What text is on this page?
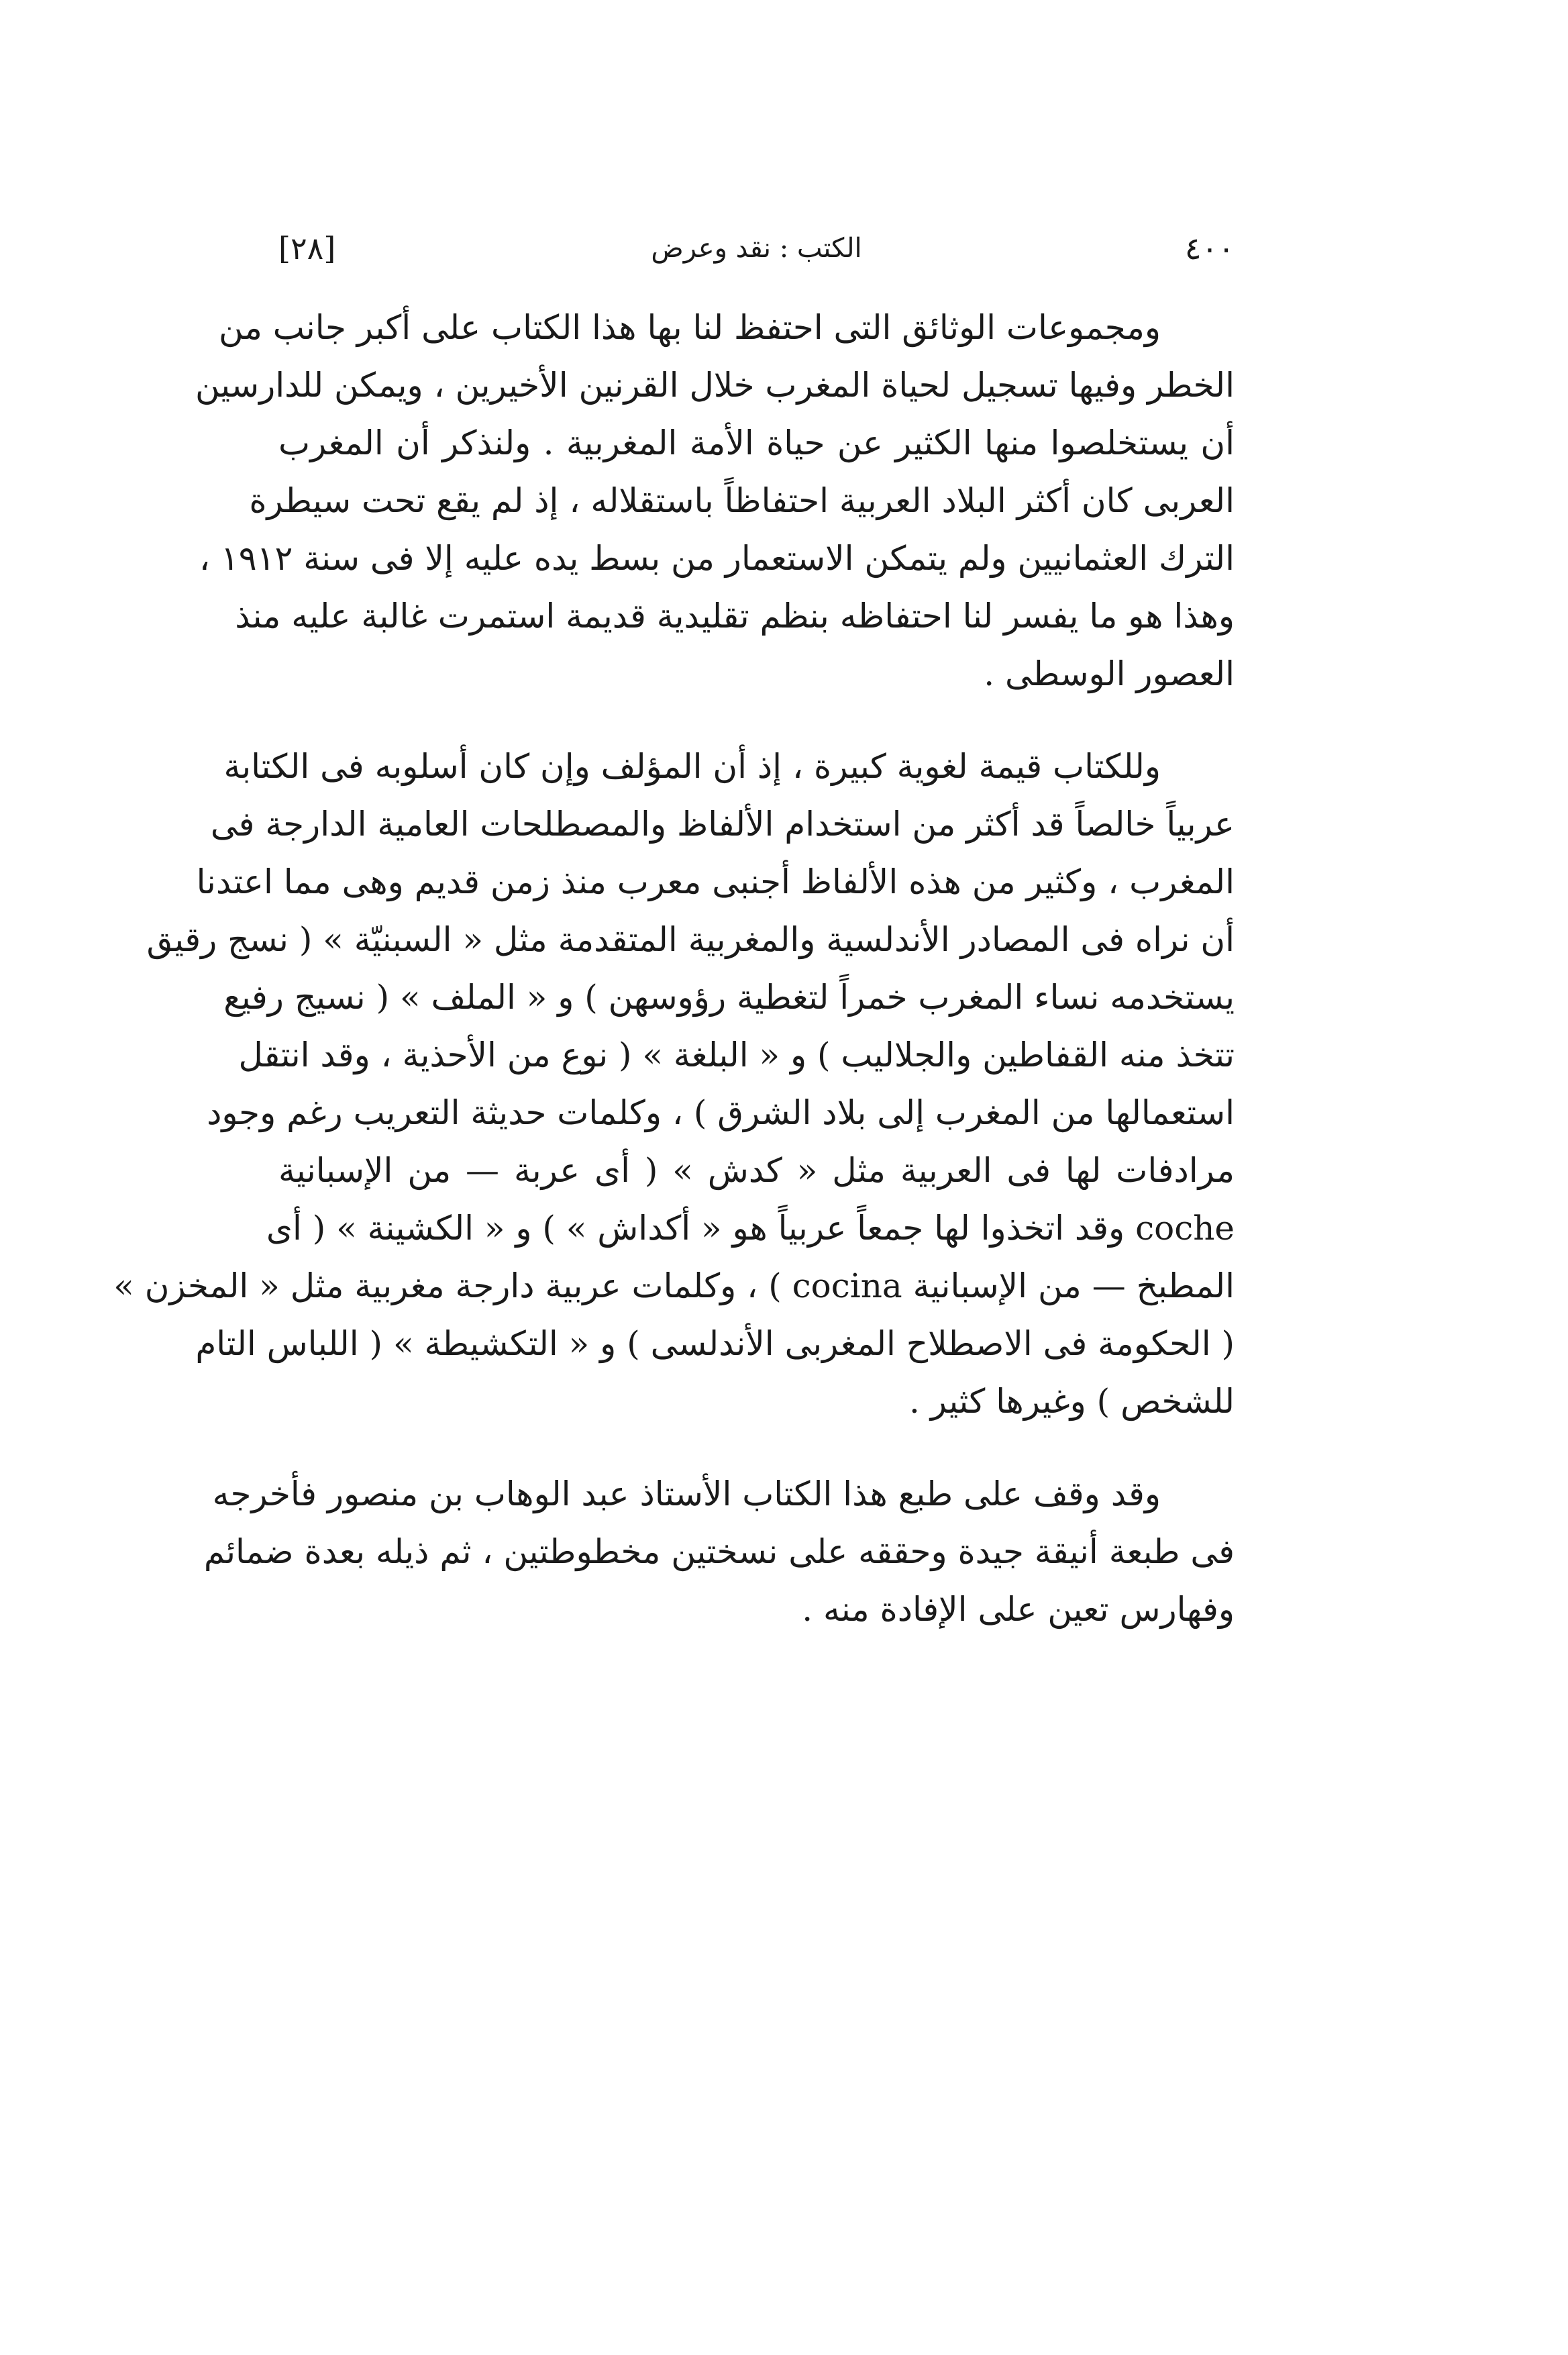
٤٠٠
الكتب : نقد وعرض
[٢٨]

ومجموعات الوثائق التى احتفظ لنا بها هذا الكتاب على أكبر جانب من
الخطر وفيها تسجيل لحياة المغرب خلال القرنين الأخيرين ، ويمكن للدارسين
أن يستخلصوا منها الكثير عن حياة الأمة المغربية . ولنذكر أن المغرب
العربى كان أكثر البلاد العربية احتفاظاً باستقلاله ، إذ لم يقع تحت سيطرة
الترك العثمانيين ولم يتمكن الاستعمار من بسط يده عليه إلا فى سنة ١٩١٢ ،
وهذا هو ما يفسر لنا احتفاظه بنظم تقليدية قديمة استمرت غالبة عليه منذ
العصور الوسطى .

وللكتاب قيمة لغوية كبيرة ، إذ أن المؤلف وإن كان أسلوبه فى الكتابة
عربياً خالصاً قد أكثر من استخدام الألفاظ والمصطلحات العامية الدارجة فى
المغرب ، وكثير من هذه الألفاظ أجنبى معرب منذ زمن قديم وهى مما اعتدنا
أن نراه فى المصادر الأندلسية والمغربية المتقدمة مثل « السبنيّة » ( نسج رقيق
يستخدمه نساء المغرب خمراً لتغطية رؤوسهن ) و « الملف » ( نسيج رفيع
تتخذ منه القفاطين والجلاليب ) و « البلغة » ( نوع من الأحذية ، وقد انتقل
استعمالها من المغرب إلى بلاد الشرق ) ، وكلمات حديثة التعريب رغم وجود
مرادفات لها فى العربية مثل « كدش » ( أى عربة — من الإسبانية
coche وقد اتخذوا لها جمعاً عربياً هو « أكداش » ) و « الكشينة » ( أى
المطبخ — من الإسبانية cocina ) ، وكلمات عربية دارجة مغربية مثل « المخزن »
( الحكومة فى الاصطلاح المغربى الأندلسى ) و « التكشيطة » ( اللباس التام
للشخص ) وغيرها كثير .

وقد وقف على طبع هذا الكتاب الأستاذ عبد الوهاب بن منصور فأخرجه
فى طبعة أنيقة جيدة وحققه على نسختين مخطوطتين ، ثم ذيله بعدة ضمائم
وفهارس تعين على الإفادة منه .
